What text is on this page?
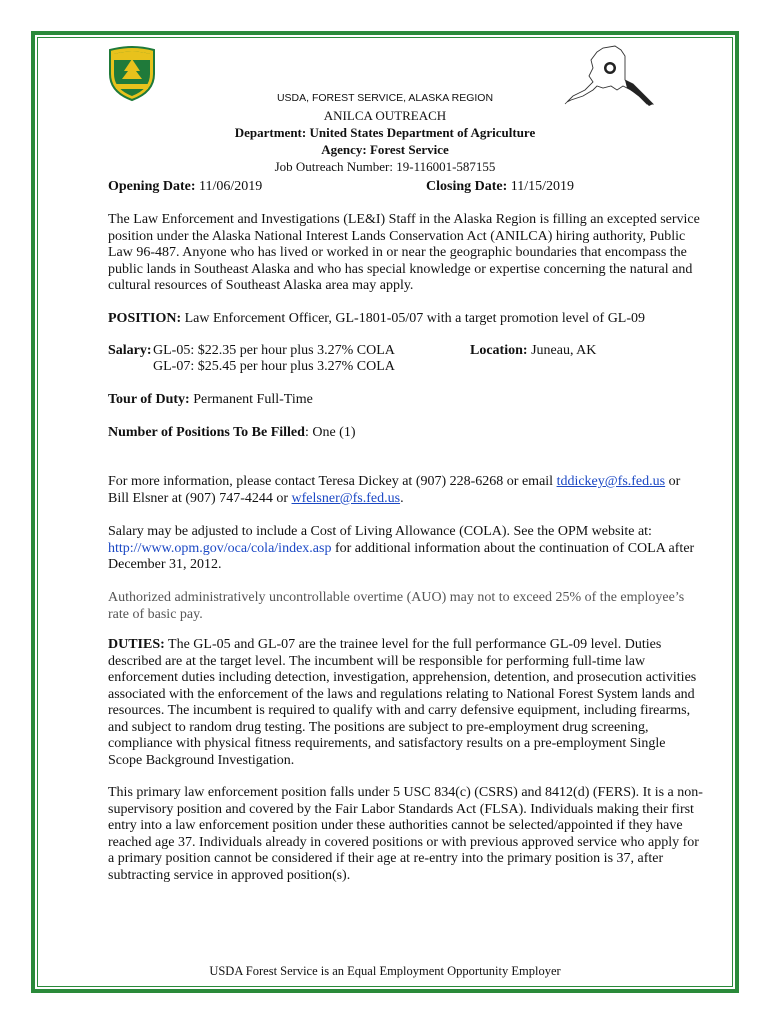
USDA, FOREST SERVICE, ALASKA REGION
ANILCA OUTREACH
Department: United States Department of Agriculture
Agency: Forest Service
Job Outreach Number: 19-116001-587155
Opening Date: 11/06/2019	Closing Date: 11/15/2019
The Law Enforcement and Investigations (LE&I) Staff in the Alaska Region is filling an excepted service position under the Alaska National Interest Lands Conservation Act (ANILCA) hiring authority, Public Law 96-487. Anyone who has lived or worked in or near the geographic boundaries that encompass the public lands in Southeast Alaska and who has special knowledge or expertise concerning the natural and cultural resources of Southeast Alaska area may apply.
POSITION: Law Enforcement Officer, GL-1801-05/07 with a target promotion level of GL-09
Salary: GL-05: $22.35 per hour plus 3.27% COLA
GL-07: $25.45 per hour plus 3.27% COLA
Location: Juneau, AK
Tour of Duty: Permanent Full-Time
Number of Positions To Be Filled: One (1)
For more information, please contact Teresa Dickey at (907) 228-6268 or email tddickey@fs.fed.us or Bill Elsner at (907) 747-4244 or wfelsner@fs.fed.us.
Salary may be adjusted to include a Cost of Living Allowance (COLA). See the OPM website at: http://www.opm.gov/oca/cola/index.asp for additional information about the continuation of COLA after December 31, 2012.
Authorized administratively uncontrollable overtime (AUO) may not to exceed 25% of the employee’s rate of basic pay.
DUTIES: The GL-05 and GL-07 are the trainee level for the full performance GL-09 level. Duties described are at the target level. The incumbent will be responsible for performing full-time law enforcement duties including detection, investigation, apprehension, detention, and prosecution activities associated with the enforcement of the laws and regulations relating to National Forest System lands and resources. The incumbent is required to qualify with and carry defensive equipment, including firearms, and subject to random drug testing. The positions are subject to pre-employment drug screening, compliance with physical fitness requirements, and satisfactory results on a pre-employment Single Scope Background Investigation.
This primary law enforcement position falls under 5 USC 834(c) (CSRS) and 8412(d) (FERS). It is a non-supervisory position and covered by the Fair Labor Standards Act (FLSA). Individuals making their first entry into a law enforcement position under these authorities cannot be selected/appointed if they have reached age 37. Individuals already in covered positions or with previous approved service who apply for a primary position cannot be considered if their age at re-entry into the primary position is 37, after subtracting service in approved position(s).
USDA Forest Service is an Equal Employment Opportunity Employer
